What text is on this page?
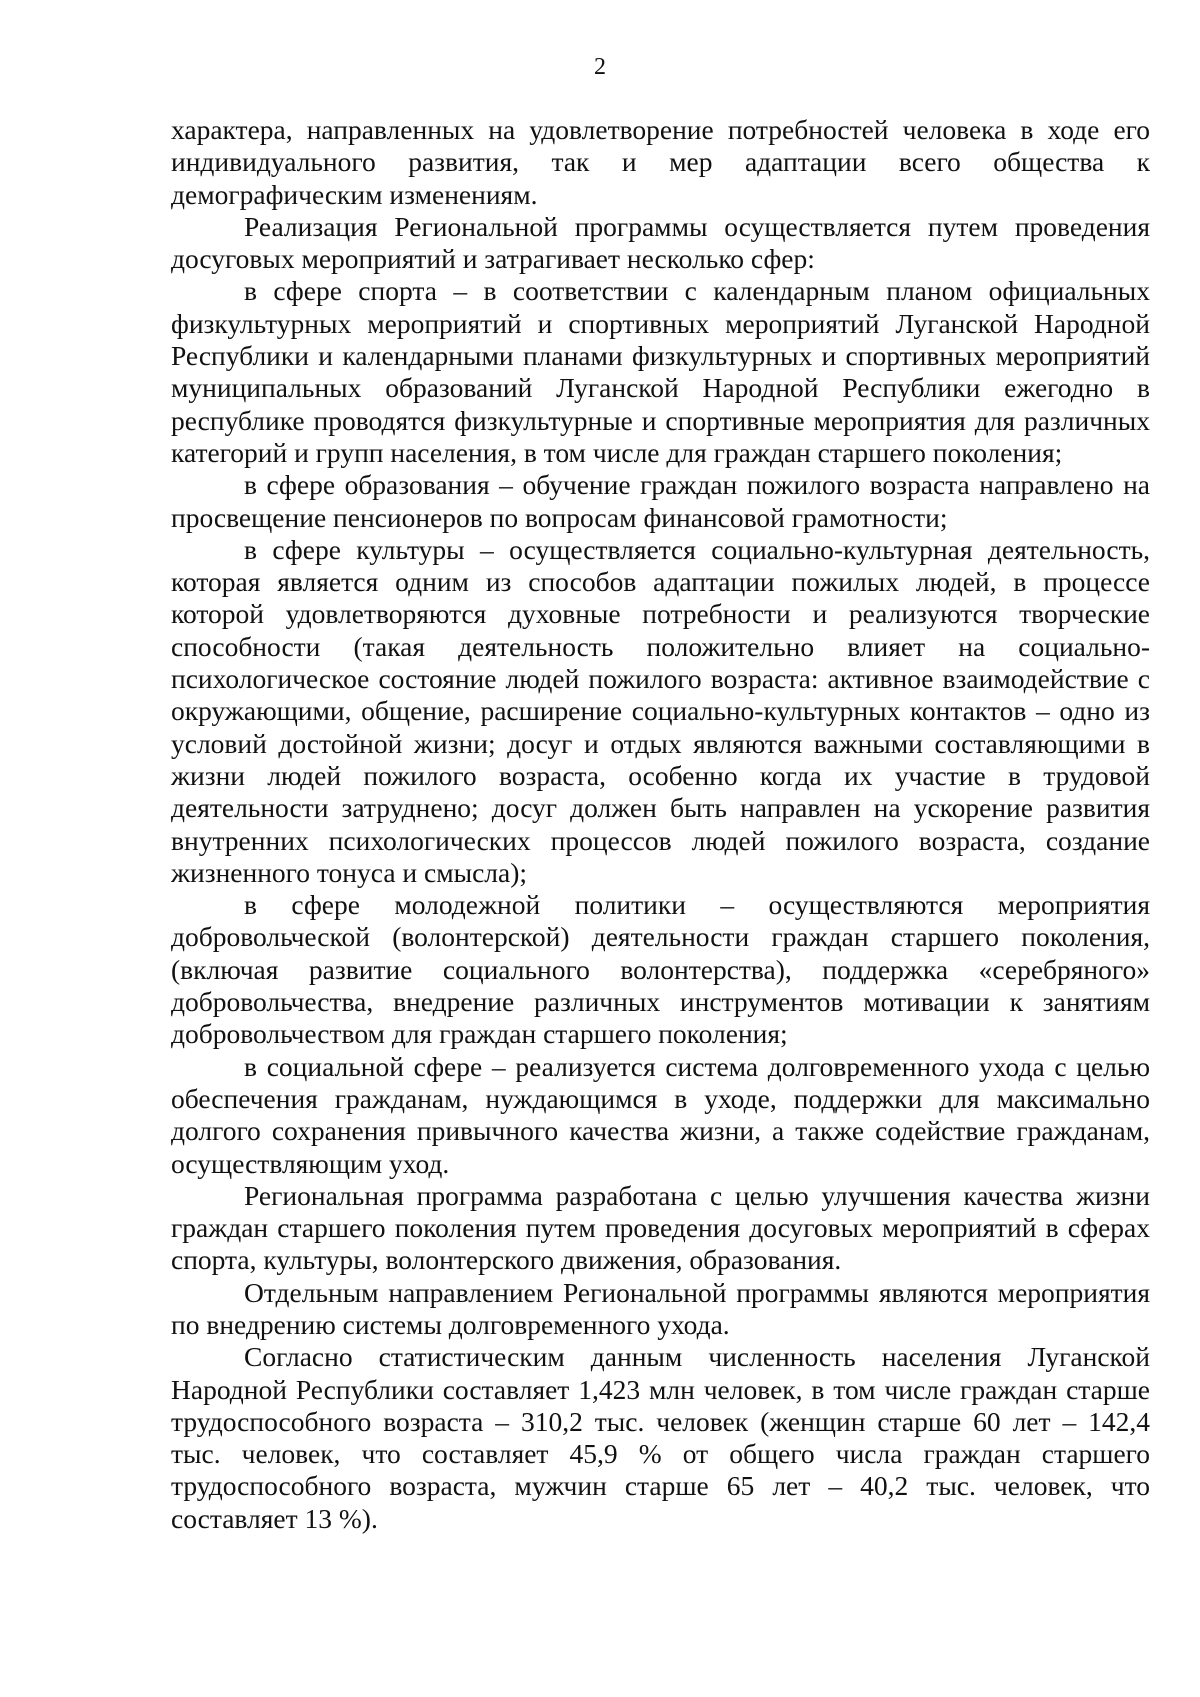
2

характера, направленных на удовлетворение потребностей человека в ходе его индивидуального развития, так и мер адаптации всего общества к демографическим изменениям.

Реализация Региональной программы осуществляется путем проведения досуговых мероприятий и затрагивает несколько сфер:

в сфере спорта – в соответствии с календарным планом официальных физкультурных мероприятий и спортивных мероприятий Луганской Народной Республики и календарными планами физкультурных и спортивных мероприятий муниципальных образований Луганской Народной Республики ежегодно в республике проводятся физкультурные и спортивные мероприятия для различных категорий и групп населения, в том числе для граждан старшего поколения;

в сфере образования – обучение граждан пожилого возраста направлено на просвещение пенсионеров по вопросам финансовой грамотности;

в сфере культуры – осуществляется социально-культурная деятельность, которая является одним из способов адаптации пожилых людей, в процессе которой удовлетворяются духовные потребности и реализуются творческие способности (такая деятельность положительно влияет на социально-психологическое состояние людей пожилого возраста: активное взаимодействие с окружающими, общение, расширение социально-культурных контактов – одно из условий достойной жизни; досуг и отдых являются важными составляющими в жизни людей пожилого возраста, особенно когда их участие в трудовой деятельности затруднено; досуг должен быть направлен на ускорение развития внутренних психологических процессов людей пожилого возраста, создание жизненного тонуса и смысла);

в сфере молодежной политики – осуществляются мероприятия добровольческой (волонтерской) деятельности граждан старшего поколения, (включая развитие социального волонтерства), поддержка «серебряного» добровольчества, внедрение различных инструментов мотивации к занятиям добровольчеством для граждан старшего поколения;

в социальной сфере – реализуется система долговременного ухода с целью обеспечения гражданам, нуждающимся в уходе, поддержки для максимально долгого сохранения привычного качества жизни, а также содействие гражданам, осуществляющим уход.

Региональная программа разработана с целью улучшения качества жизни граждан старшего поколения путем проведения досуговых мероприятий в сферах спорта, культуры, волонтерского движения, образования.

Отдельным направлением Региональной программы являются мероприятия по внедрению системы долговременного ухода.

Согласно статистическим данным численность населения Луганской Народной Республики составляет 1,423 млн человек, в том числе граждан старше трудоспособного возраста – 310,2 тыс. человек (женщин старше 60 лет – 142,4 тыс. человек, что составляет 45,9 % от общего числа граждан старшего трудоспособного возраста, мужчин старше 65 лет – 40,2 тыс. человек, что составляет 13 %).
